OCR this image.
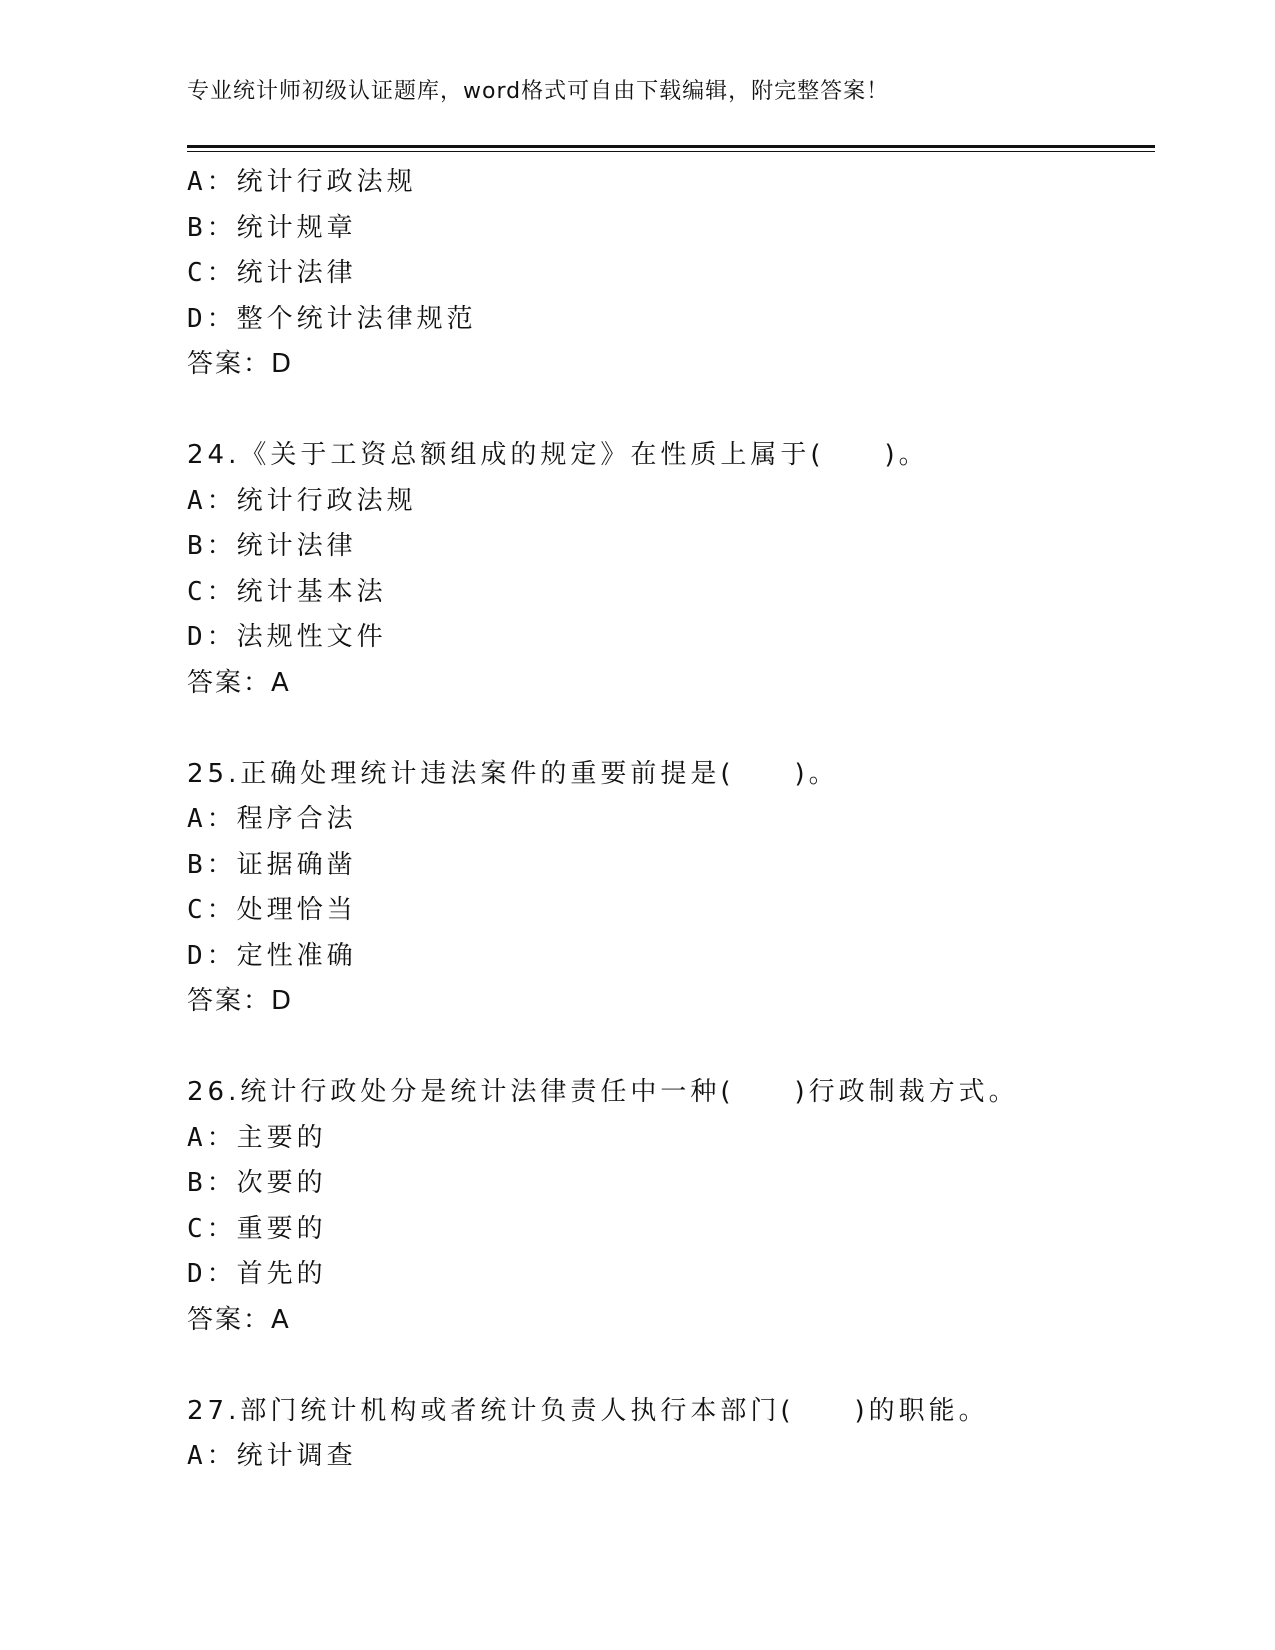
专业统计师初级认证题库，word格式可自由下载编辑，附完整答案！
A：统计行政法规
B：统计规章
C：统计法律
D：整个统计法律规范
答案：D
24.《关于工资总额组成的规定》在性质上属于(　　)。
A：统计行政法规
B：统计法律
C：统计基本法
D：法规性文件
答案：A
25.正确处理统计违法案件的重要前提是(　　)。
A：程序合法
B：证据确凿
C：处理恰当
D：定性准确
答案：D
26.统计行政处分是统计法律责任中一种(　　)行政制裁方式。
A：主要的
B：次要的
C：重要的
D：首先的
答案：A
27.部门统计机构或者统计负责人执行本部门(　　)的职能。
A：统计调查
